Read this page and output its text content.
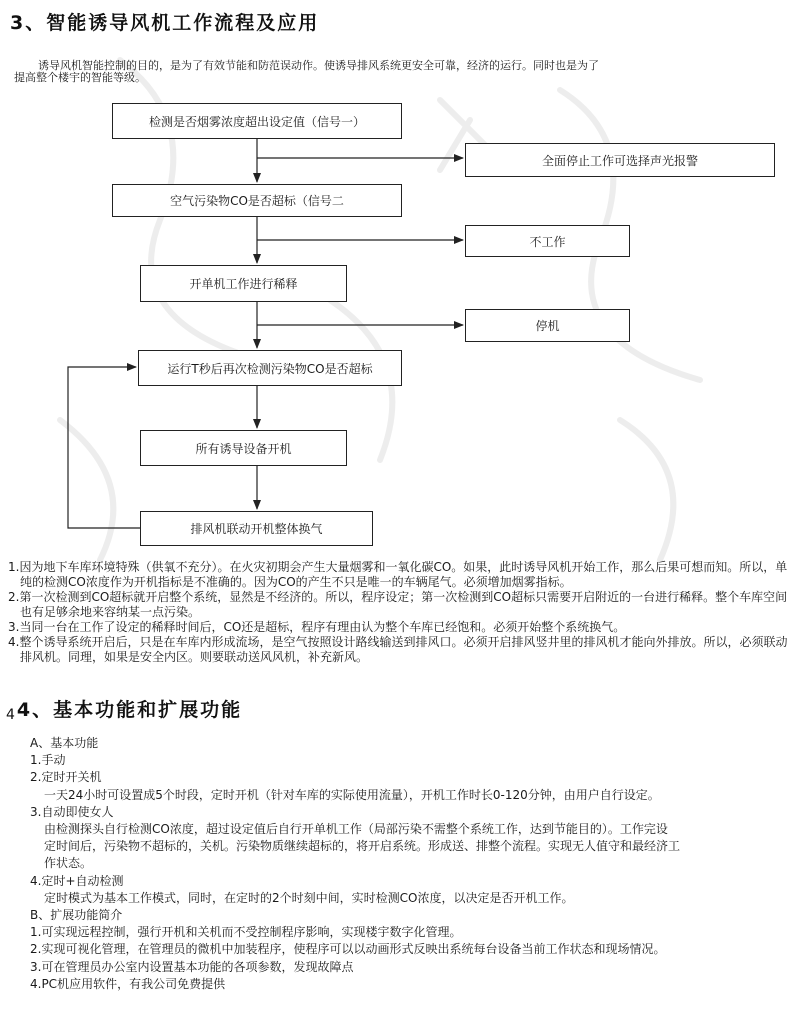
3、智能诱导风机工作流程及应用
诱导风机智能控制的目的，是为了有效节能和防范误动作。使诱导排风系统更安全可靠，经济的运行。同时也是为了
提高整个楼宇的智能等级。
检测是否烟雾浓度超出设定值（信号一）
全面停止工作可选择声光报警
空气污染物CO是否超标（信号二
不工作
开单机工作进行稀释
停机
运行T秒后再次检测污染物CO是否超标
所有诱导设备开机
排风机联动开机整体换气
1.因为地下车库环境特殊（供氧不充分）。在火灾初期会产生大量烟雾和一氧化碳CO。如果，此时诱导风机开始工作，那么后果可想而知。所以，单纯的检测CO浓度作为开机指标是不准确的。因为CO的产生不只是唯一的车辆尾气。必须增加烟雾指标。
2.第一次检测到CO超标就开启整个系统，显然是不经济的。所以，程序设定；第一次检测到CO超标只需要开启附近的一台进行稀释。整个车库空间也有足够余地来容纳某一点污染。
3.当同一台在工作了设定的稀释时间后，CO还是超标，程序有理由认为整个车库已经饱和。必须开始整个系统换气。
4.整个诱导系统开启后，只是在车库内形成流场，是空气按照设计路线输送到排风口。必须开启排风竖井里的排风机才能向外排放。所以，必须联动排风机。同理，如果是安全内区。则要联动送风风机，补充新风。
4 4、基本功能和扩展功能
A、基本功能
1.手动
2.定时开关机
一天24小时可设置成5个时段，定时开机（针对车库的实际使用流量），开机工作时长0-120分钟，由用户自行设定。
3.自动即使女人
由检测探头自行检测CO浓度，超过设定值后自行开单机工作（局部污染不需整个系统工作，达到节能目的）。工作完设
定时间后，污染物不超标的，关机。污染物质继续超标的，将开启系统。形成送、排整个流程。实现无人值守和最经济工
作状态。
4.定时+自动检测
定时模式为基本工作模式，同时，在定时的2个时刻中间，实时检测CO浓度，以决定是否开机工作。
B、扩展功能简介
1.可实现远程控制，强行开机和关机而不受控制程序影响，实现楼宇数字化管理。
2.实现可视化管理，在管理员的微机中加装程序，使程序可以以动画形式反映出系统每台设备当前工作状态和现场情况。
3.可在管理员办公室内设置基本功能的各项参数，发现故障点
4.PC机应用软件，有我公司免费提供
